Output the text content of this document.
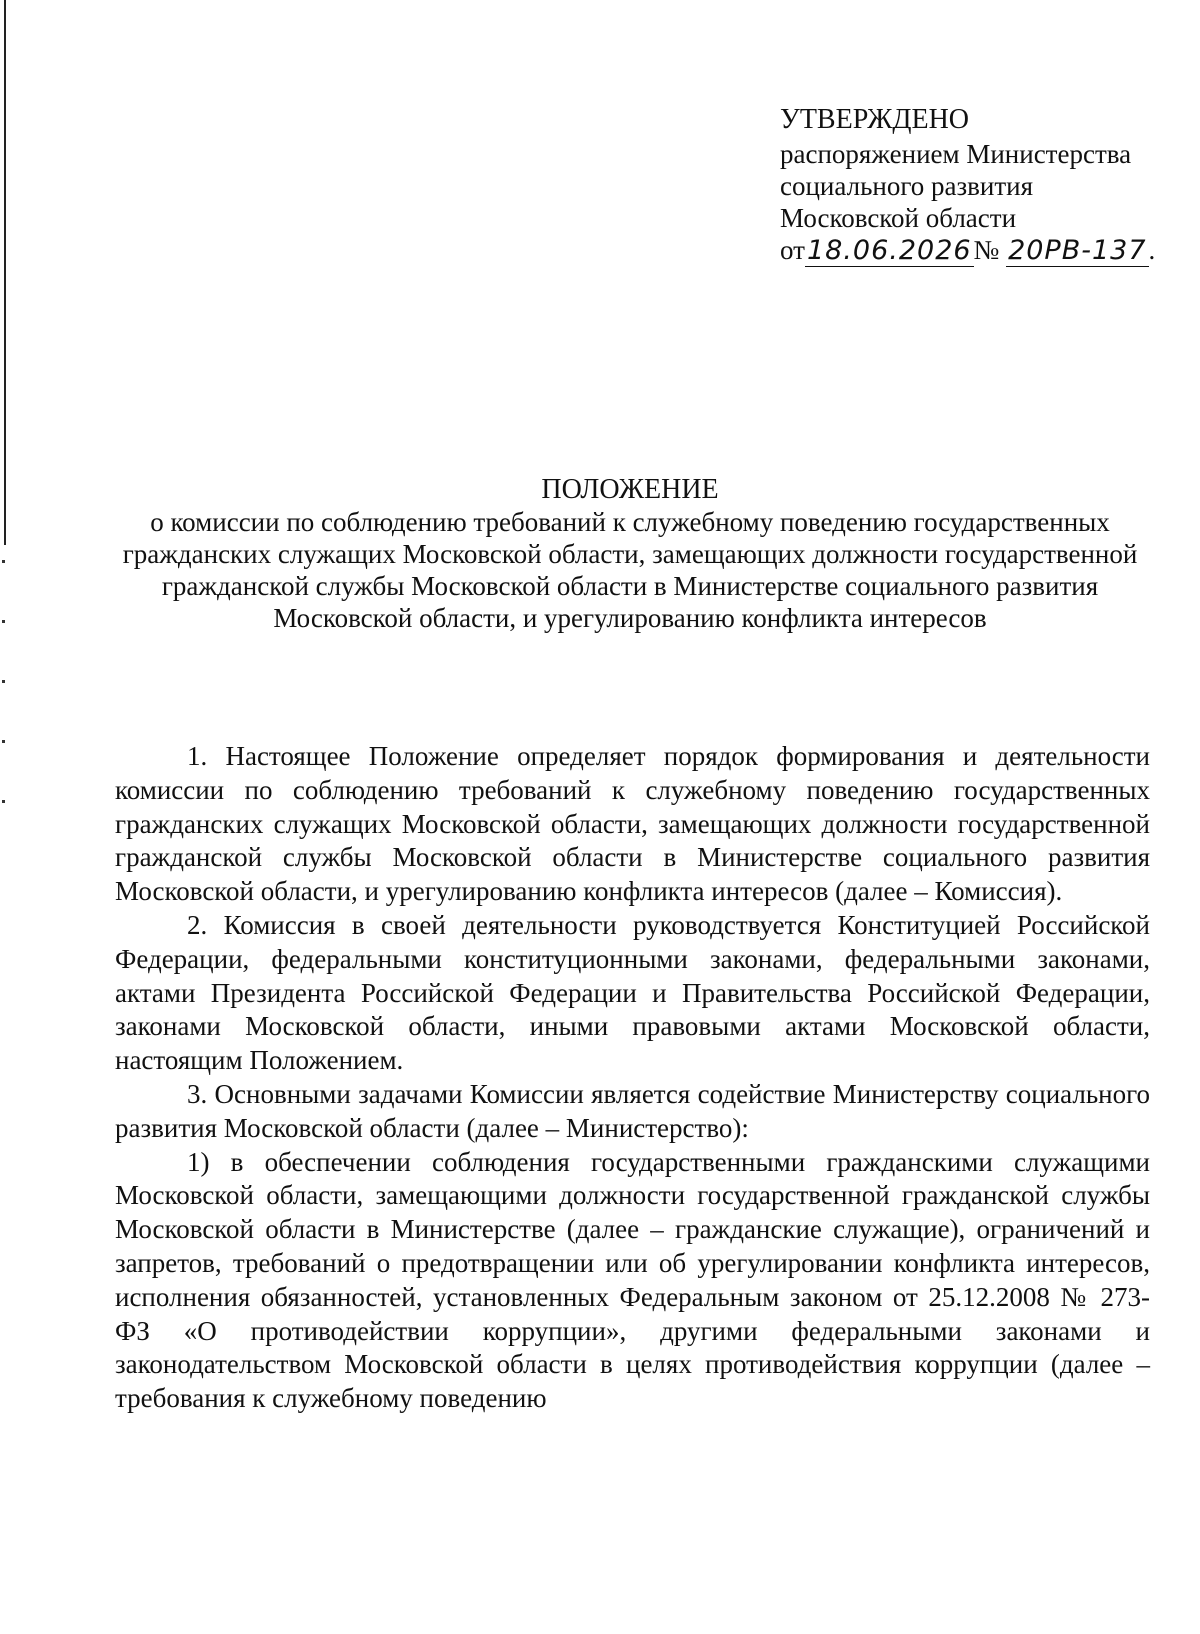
УТВЕРЖДЕНО
распоряжением Министерства
социального развития
Московской области
от18.06.2026№ 20РВ-137.
ПОЛОЖЕНИЕ
о комиссии по соблюдению требований к служебному поведению государственных гражданских служащих Московской области, замещающих должности государственной гражданской службы Московской области в Министерстве социального развития Московской области, и урегулированию конфликта интересов

1. Настоящее Положение определяет порядок формирования и деятельности комиссии по соблюдению требований к служебному поведению государственных гражданских служащих Московской области, замещающих должности государственной гражданской службы Московской области в Министерстве социального развития Московской области, и урегулированию конфликта интересов (далее – Комиссия).

2. Комиссия в своей деятельности руководствуется Конституцией Российской Федерации, федеральными конституционными законами, федеральными законами, актами Президента Российской Федерации и Правительства Российской Федерации, законами Московской области, иными правовыми актами Московской области, настоящим Положением.

3. Основными задачами Комиссии является содействие Министерству социального развития Московской области (далее – Министерство):

1) в обеспечении соблюдения государственными гражданскими служащими Московской области, замещающими должности государственной гражданской службы Московской области в Министерстве (далее – гражданские служащие), ограничений и запретов, требований о предотвращении или об урегулировании конфликта интересов, исполнения обязанностей, установленных Федеральным законом от 25.12.2008 № 273-ФЗ «О противодействии коррупции», другими федеральными законами и законодательством Московской области в целях противодействия коррупции (далее – требования к служебному поведению
